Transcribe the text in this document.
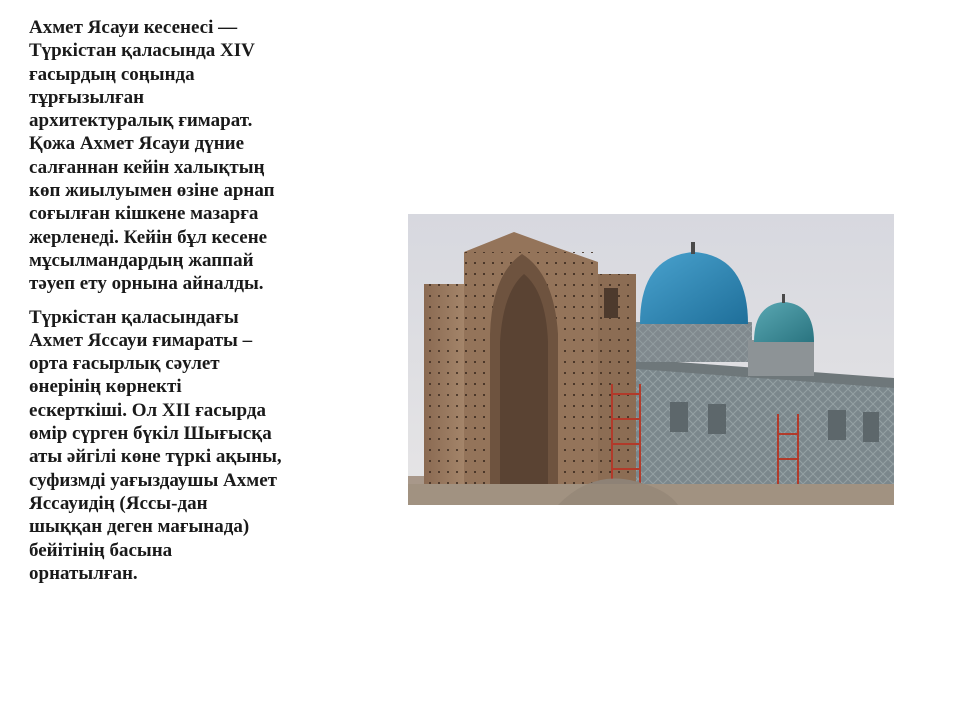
Ахмет Ясауи кесенесі —
Түркістан қаласында XIV
ғасырдың соңында
тұрғызылған
архитектуралық ғимарат.
Қожа Ахмет Ясауи дүние
салғаннан кейін халықтың
көп жиылуымен өзіне арнап
соғылған кішкене мазарға
жерленеді. Кейін бұл кесене
мұсылмандардың жаппай
тәуеп ету орнына айналды.

Түркістан қаласындағы
Ахмет Яссауи ғимараты –
орта ғасырлық сәулет
өнерінің көрнекті
ескерткіші. Ол XII ғасырда
өмір сүрген бүкіл Шығысқа
аты әйгілі көне түркі ақыны,
суфизмді уағыздаушы Ахмет
Яссауидің (Яссы-дан
шыққан деген мағынада)
бейітінің басына
орнатылған.
